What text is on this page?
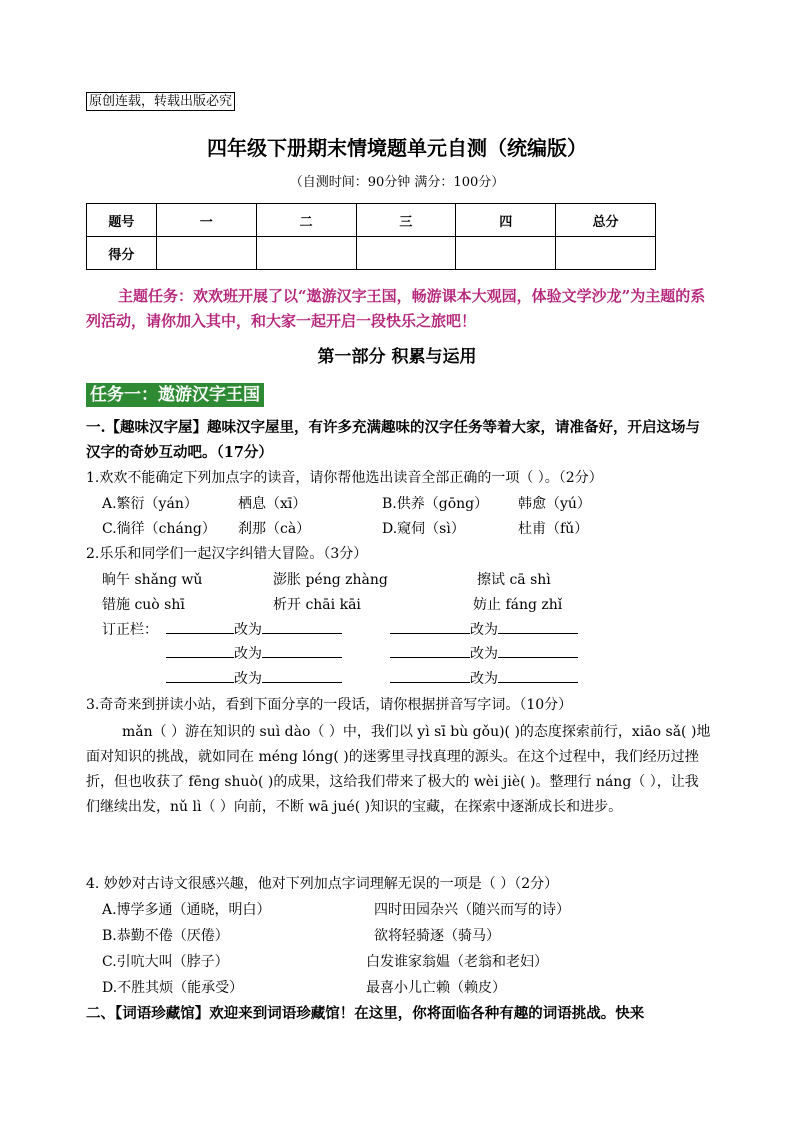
原创连载，转载出版必究
四年级下册期末情境题单元自测（统编版）
（自测时间：90分钟 满分：100分）
题号	一	二	三	四	总分
得分					
主题任务：欢欢班开展了以“遨游汉字王国，畅游课本大观园，体验文学沙龙”为主题的系列活动，请你加入其中，和大家一起开启一段快乐之旅吧！
第一部分 积累与运用
任务一：遨游汉字王国
一.【趣味汉字屋】趣味汉字屋里，有许多充满趣味的汉字任务等着大家，请准备好，开启这场与汉字的奇妙互动吧。（17分）
1.欢欢不能确定下列加点字的读音，请你帮他选出读音全部正确的一项（ ）。（2分）
A.繁衍（yán）	栖息（xī）	B.供养（gōng） 韩愈（yú）
C.徜徉（cháng） 刹那（cà）	D.窥伺（sì）	杜甫（fǔ）
2.乐乐和同学们一起汉字纠错大冒险。（3分）
晌午 shǎng wǔ	澎胀 péng zhàng	擦试 cā shì
错施 cuò shī	析开 chāi kāi	妨止 fáng zhǐ
订正栏：	改为	改为
改为	改为
改为	改为
3.奇奇来到拼读小站，看到下面分享的一段话，请你根据拼音写字词。（10分）
mǎn（ ）游在知识的 suì dào（ ）中，我们以 yì sī bù gǒu)( )的态度探索前行，xiāo sǎ( )地面对知识的挑战，就如同在 méng lóng( )的迷雾里寻找真理的源头。在这个过程中，我们经历过挫折，但也收获了 fēng shuò( )的成果，这给我们带来了极大的 wèi jiè( )。整理行 náng（ ），让我们继续出发，nǔ lì（ ）向前，不断 wā jué( )知识的宝藏，在探索中逐渐成长和进步。
4. 妙妙对古诗文很感兴趣，他对下列加点字词理解无误的一项是（ ）（2分）
A.博学多通（通晓，明白）	四时田园杂兴（随兴而写的诗）
B.恭勤不倦（厌倦）	欲将轻骑逐（骑马）
C.引吭大叫（脖子）	白发谁家翁媪（老翁和老妇）
D.不胜其烦（能承受）	最喜小儿亡赖（赖皮）
二、【词语珍藏馆】欢迎来到词语珍藏馆！在这里，你将面临各种有趣的词语挑战。快来
